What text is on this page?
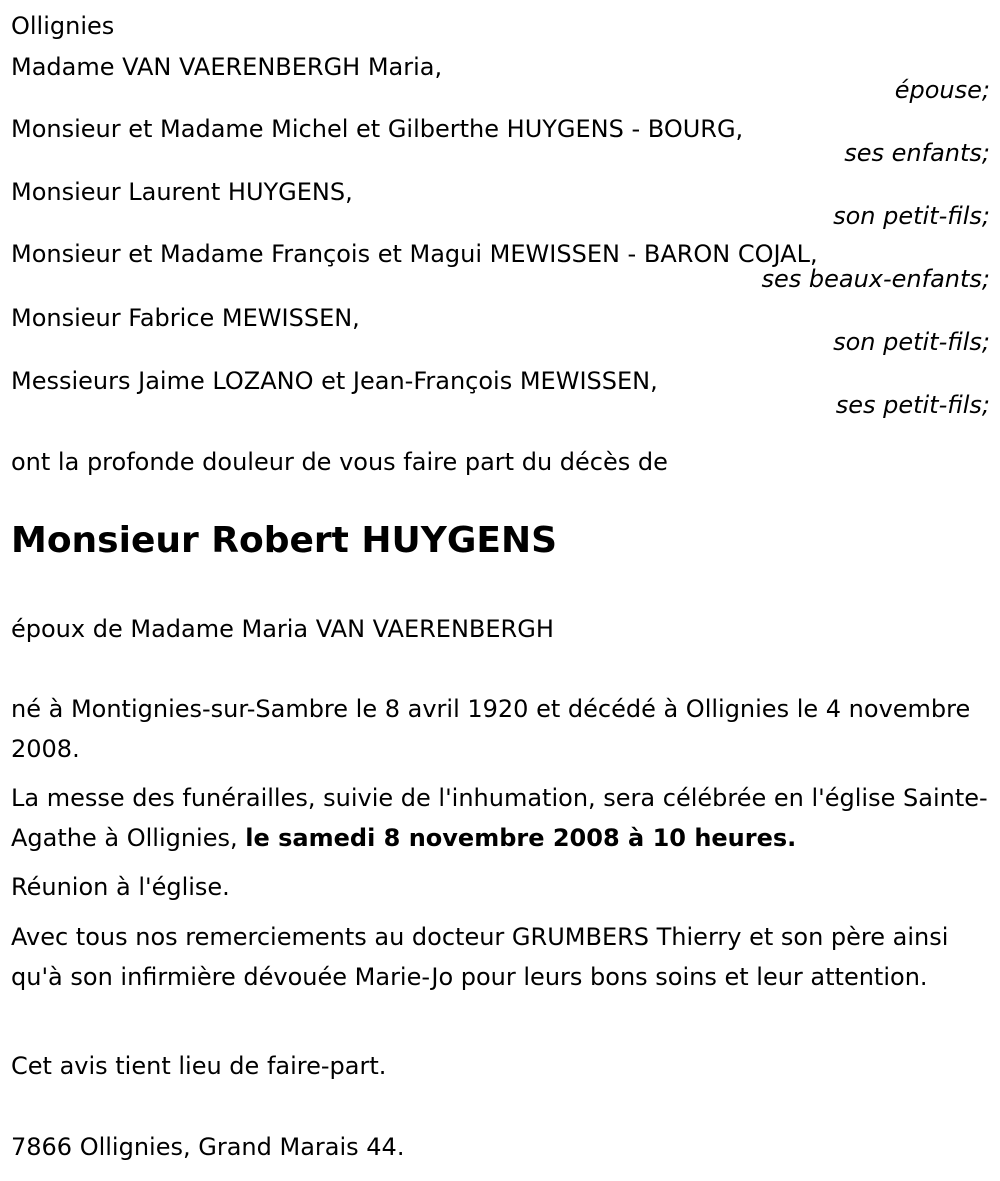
Ollignies
Madame VAN VAERENBERGH Maria,
épouse;
Monsieur et Madame Michel et Gilberthe HUYGENS - BOURG,
ses enfants;
Monsieur Laurent HUYGENS,
son petit-fils;
Monsieur et Madame François et Magui MEWISSEN - BARON COJAL,
ses beaux-enfants;
Monsieur Fabrice MEWISSEN,
son petit-fils;
Messieurs Jaime LOZANO et Jean-François MEWISSEN,
ses petit-fils;
ont la profonde douleur de vous faire part du décès de
Monsieur Robert HUYGENS
époux de Madame Maria VAN VAERENBERGH
né à Montignies-sur-Sambre le 8 avril 1920 et décédé à Ollignies le 4 novembre 2008.
La messe des funérailles, suivie de l'inhumation, sera célébrée en l'église Sainte-Agathe à Ollignies, le samedi 8 novembre 2008 à 10 heures.
Réunion à l'église.
Avec tous nos remerciements au docteur GRUMBERS Thierry et son père ainsi qu'à son infirmière dévouée Marie-Jo pour leurs bons soins et leur attention.
Cet avis tient lieu de faire-part.
7866 Ollignies, Grand Marais 44.
